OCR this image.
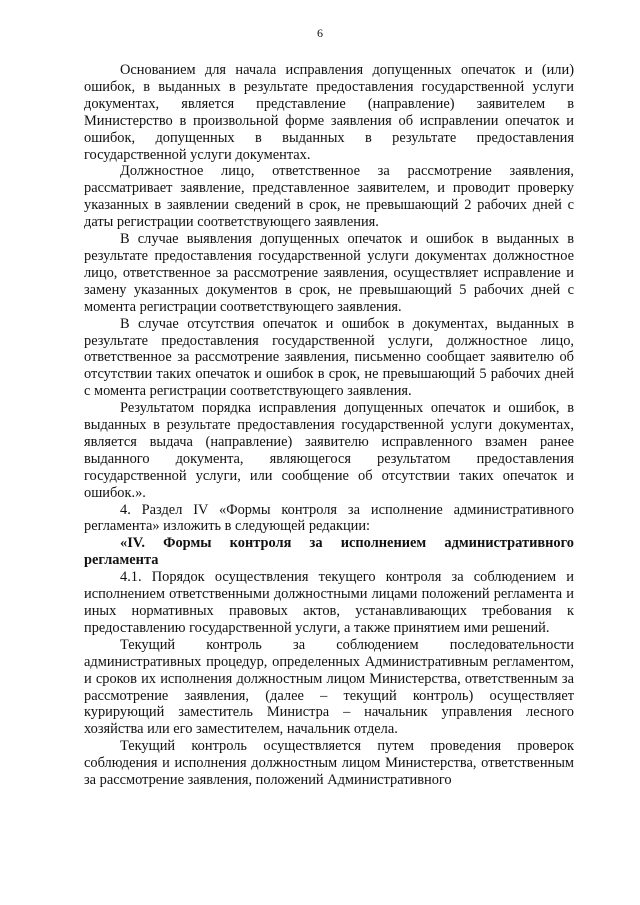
6

Основанием для начала исправления допущенных опечаток и (или) ошибок, в выданных в результате предоставления государственной услуги документах, является представление (направление) заявителем в Министерство в произвольной форме заявления об исправлении опечаток и ошибок, допущенных в выданных в результате предоставления государственной услуги документах.

Должностное лицо, ответственное за рассмотрение заявления, рассматривает заявление, представленное заявителем, и проводит проверку указанных в заявлении сведений в срок, не превышающий 2 рабочих дней с даты регистрации соответствующего заявления.

В случае выявления допущенных опечаток и ошибок в выданных в результате предоставления государственной услуги документах должностное лицо, ответственное за рассмотрение заявления, осуществляет исправление и замену указанных документов в срок, не превышающий 5 рабочих дней с момента регистрации соответствующего заявления.

В случае отсутствия опечаток и ошибок в документах, выданных в результате предоставления государственной услуги, должностное лицо, ответственное за рассмотрение заявления, письменно сообщает заявителю об отсутствии таких опечаток и ошибок в срок, не превышающий 5 рабочих дней с момента регистрации соответствующего заявления.

Результатом порядка исправления допущенных опечаток и ошибок, в выданных в результате предоставления государственной услуги документах, является выдача (направление) заявителю исправленного взамен ранее выданного документа, являющегося результатом предоставления государственной услуги, или сообщение об отсутствии таких опечаток и ошибок.».

4. Раздел IV «Формы контроля за исполнение административного регламента» изложить в следующей редакции:

«IV. Формы контроля за исполнением административного регламента

4.1. Порядок осуществления текущего контроля за соблюдением и исполнением ответственными должностными лицами положений регламента и иных нормативных правовых актов, устанавливающих требования к предоставлению государственной услуги, а также принятием ими решений.

Текущий контроль за соблюдением последовательности административных процедур, определенных Административным регламентом, и сроков их исполнения должностным лицом Министерства, ответственным за рассмотрение заявления, (далее – текущий контроль) осуществляет курирующий заместитель Министра – начальник управления лесного хозяйства или его заместителем, начальник отдела.

Текущий контроль осуществляется путем проведения проверок соблюдения и исполнения должностным лицом Министерства, ответственным за рассмотрение заявления, положений Административного
